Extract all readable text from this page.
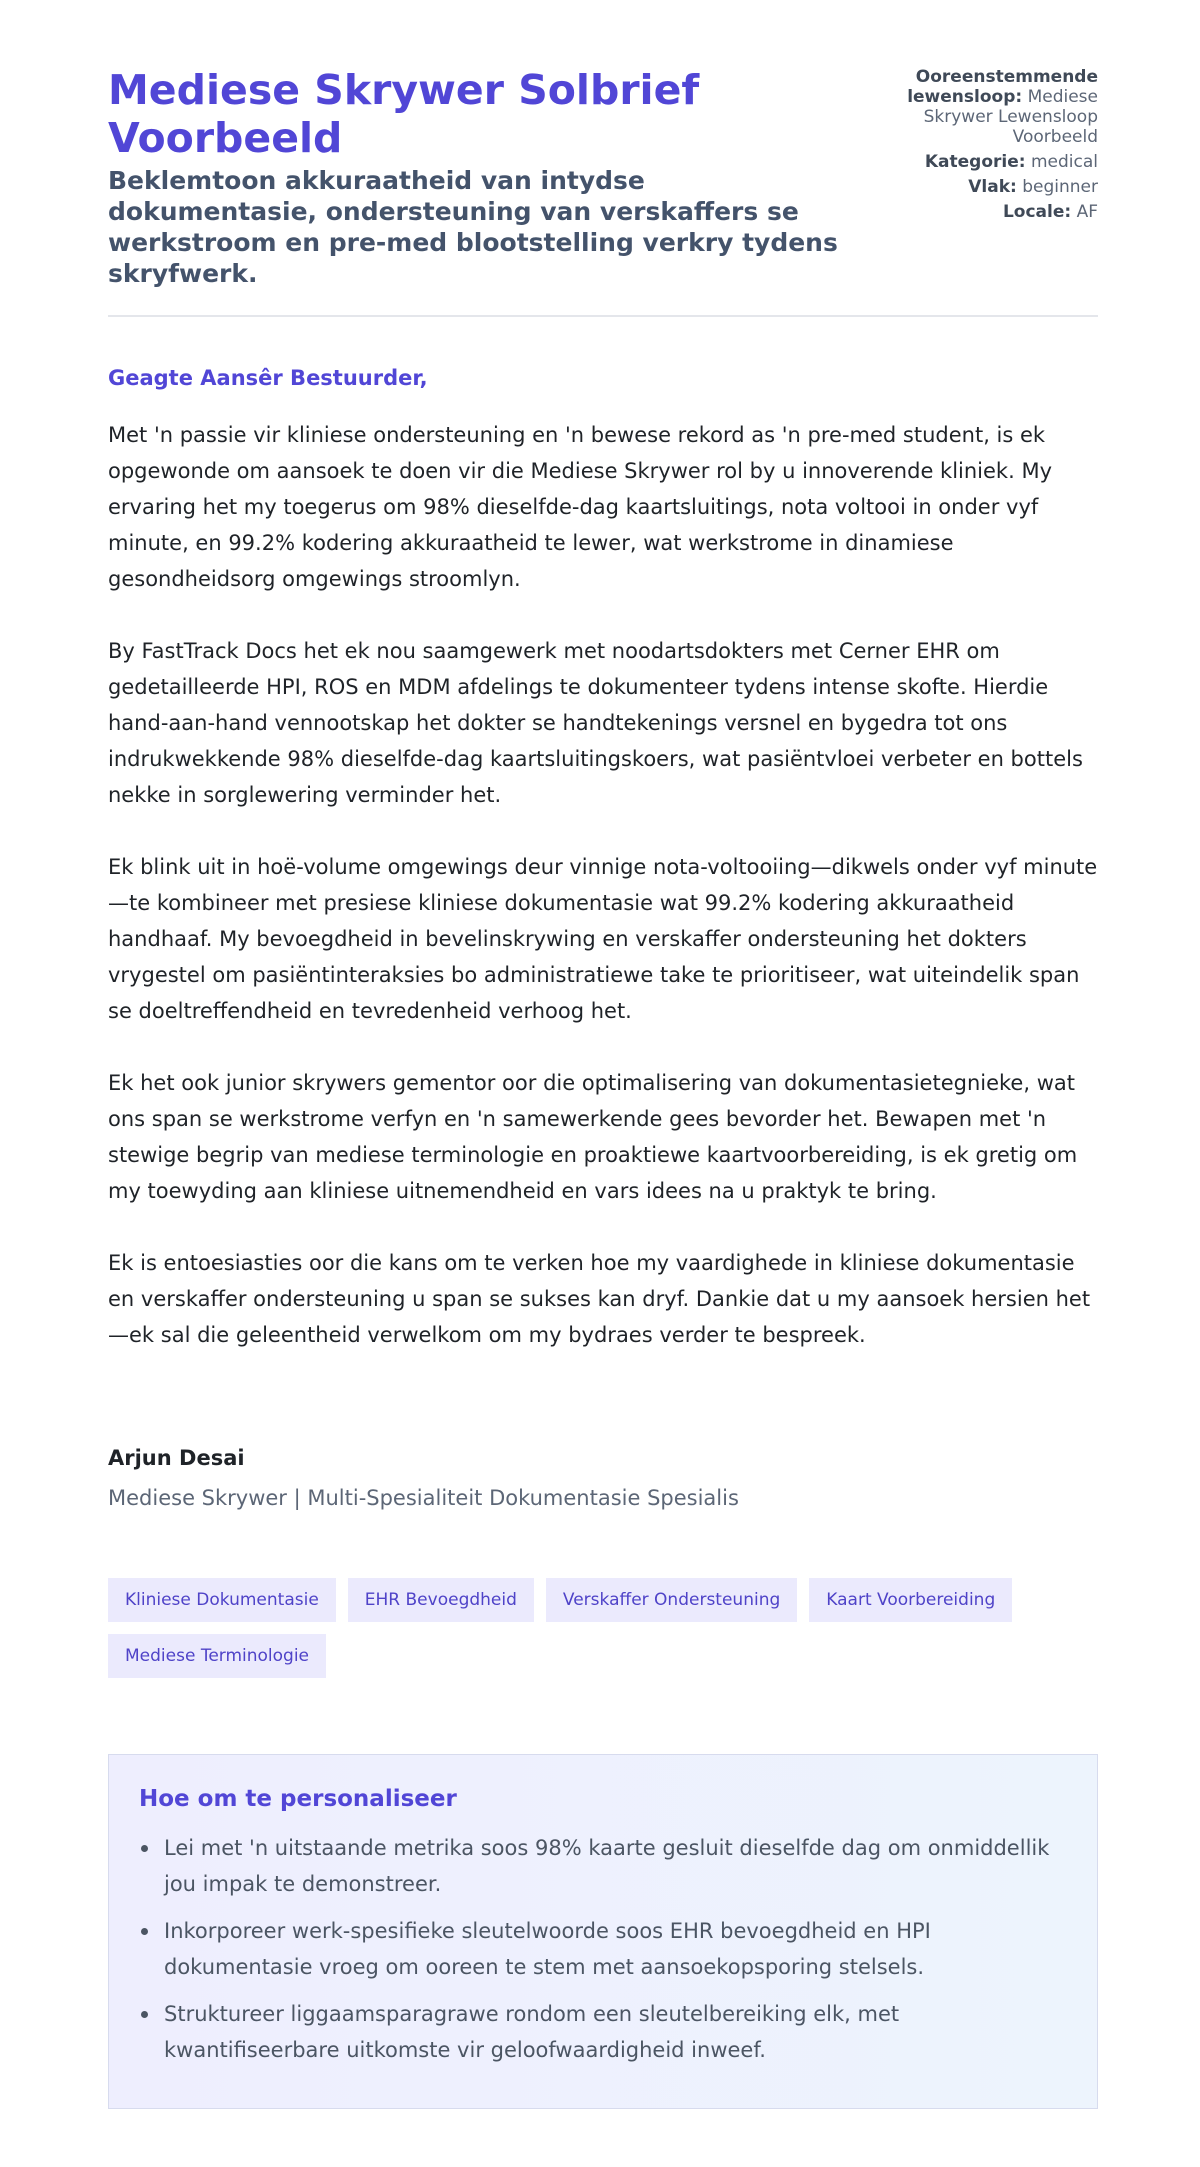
Mediese Skrywer Solbrief Voorbeeld
Beklemtoon akkuraatheid van intydse dokumentasie, ondersteuning van verskaffers se werkstroom en pre-med blootstelling verkry tydens skryfwerk.
Ooreenstemmende lewensloop: Mediese Skrywer Lewensloop Voorbeeld
Kategorie: medical
Vlak: beginner
Locale: AF

Geagte Aansêr Bestuurder,

Met 'n passie vir kliniese ondersteuning en 'n bewese rekord as 'n pre-med student, is ek opgewonde om aansoek te doen vir die Mediese Skrywer rol by u innoverende kliniek. My ervaring het my toegerus om 98% dieselfde-dag kaartsluitings, nota voltooi in onder vyf minute, en 99.2% kodering akkuraatheid te lewer, wat werkstrome in dinamiese gesondheidsorg omgewings stroomlyn.

By FastTrack Docs het ek nou saamgewerk met noodartsdokters met Cerner EHR om gedetailleerde HPI, ROS en MDM afdelings te dokumenteer tydens intense skofte. Hierdie hand-aan-hand vennootskap het dokter se handtekenings versnel en bygedra tot ons indrukwekkende 98% dieselfde-dag kaartsluitingskoers, wat pasiëntvloei verbeter en bottels nekke in sorglewering verminder het.

Ek blink uit in hoë-volume omgewings deur vinnige nota-voltooiing—dikwels onder vyf minute—te kombineer met presiese kliniese dokumentasie wat 99.2% kodering akkuraatheid handhaaf. My bevoegdheid in bevelinskrywing en verskaffer ondersteuning het dokters vrygestel om pasiëntinteraksies bo administratiewe take te prioritiseer, wat uiteindelik span se doeltreffendheid en tevredenheid verhoog het.

Ek het ook junior skrywers gementor oor die optimalisering van dokumentasietegnieke, wat ons span se werkstrome verfyn en 'n samewerkende gees bevorder het. Bewapen met 'n stewige begrip van mediese terminologie en proaktiewe kaartvoorbereiding, is ek gretig om my toewyding aan kliniese uitnemendheid en vars idees na u praktyk te bring.

Ek is entoesiasties oor die kans om te verken hoe my vaardighede in kliniese dokumentasie en verskaffer ondersteuning u span se sukses kan dryf. Dankie dat u my aansoek hersien het—ek sal die geleentheid verwelkom om my bydraes verder te bespreek.

Arjun Desai
Mediese Skrywer | Multi-Spesialiteit Dokumentasie Spesialis
Kliniese Dokumentasie	EHR Bevoegdheid	Verskaffer Ondersteuning	Kaart Voorbereiding
Mediese Terminologie
Hoe om te personaliseer
Lei met 'n uitstaande metrika soos 98% kaarte gesluit dieselfde dag om onmiddellik jou impak te demonstreer.
Inkorporeer werk-spesifieke sleutelwoorde soos EHR bevoegdheid en HPI dokumentasie vroeg om ooreen te stem met aansoekopsporing stelsels.
Struktureer liggaamsparagrawe rondom een sleutelbereiking elk, met kwantifiseerbare uitkomste vir geloofwaardigheid inweef.
